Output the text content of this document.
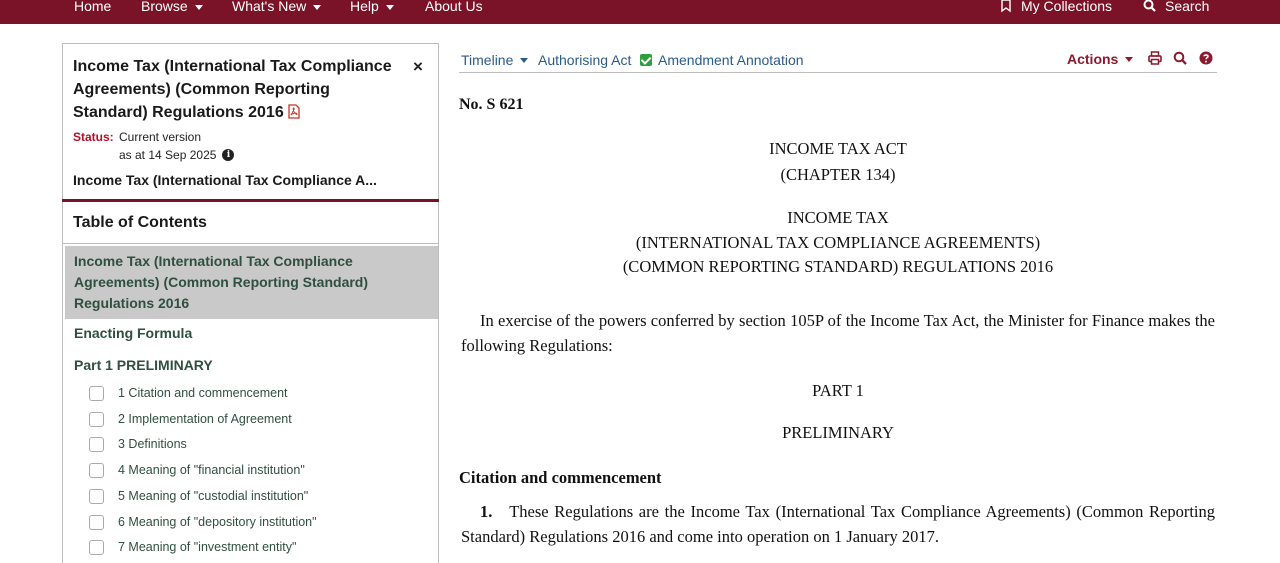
Home Browse	What's New	Help	About Us	My Collections	Search
Income Tax (International Tax Compliance Agreements) (Common Reporting Standard) Regulations 2016
×
Status: Current version
as at 14 Sep 2025	i
Income Tax (International Tax Compliance A...
Table of Contents
Income Tax (International Tax Compliance Agreements) (Common Reporting Standard) Regulations 2016
Enacting Formula
Part 1 PRELIMINARY
1 Citation and commencement
2 Implementation of Agreement
3 Definitions
4 Meaning of "financial institution"
5 Meaning of "custodial institution"
6 Meaning of "depository institution"
7 Meaning of "investment entity"
Timeline Authorising Act Amendment Annotation	Actions
No. S 621
INCOME TAX ACT
(CHAPTER 134)
INCOME TAX
(INTERNATIONAL TAX COMPLIANCE AGREEMENTS)
(COMMON REPORTING STANDARD) REGULATIONS 2016
In exercise of the powers conferred by section 105P of the Income Tax Act, the Minister for Finance makes the following Regulations:
PART 1
PRELIMINARY
Citation and commencement
1. These Regulations are the Income Tax (International Tax Compliance Agreements) (Common Reporting Standard) Regulations 2016 and come into operation on 1 January 2017.
